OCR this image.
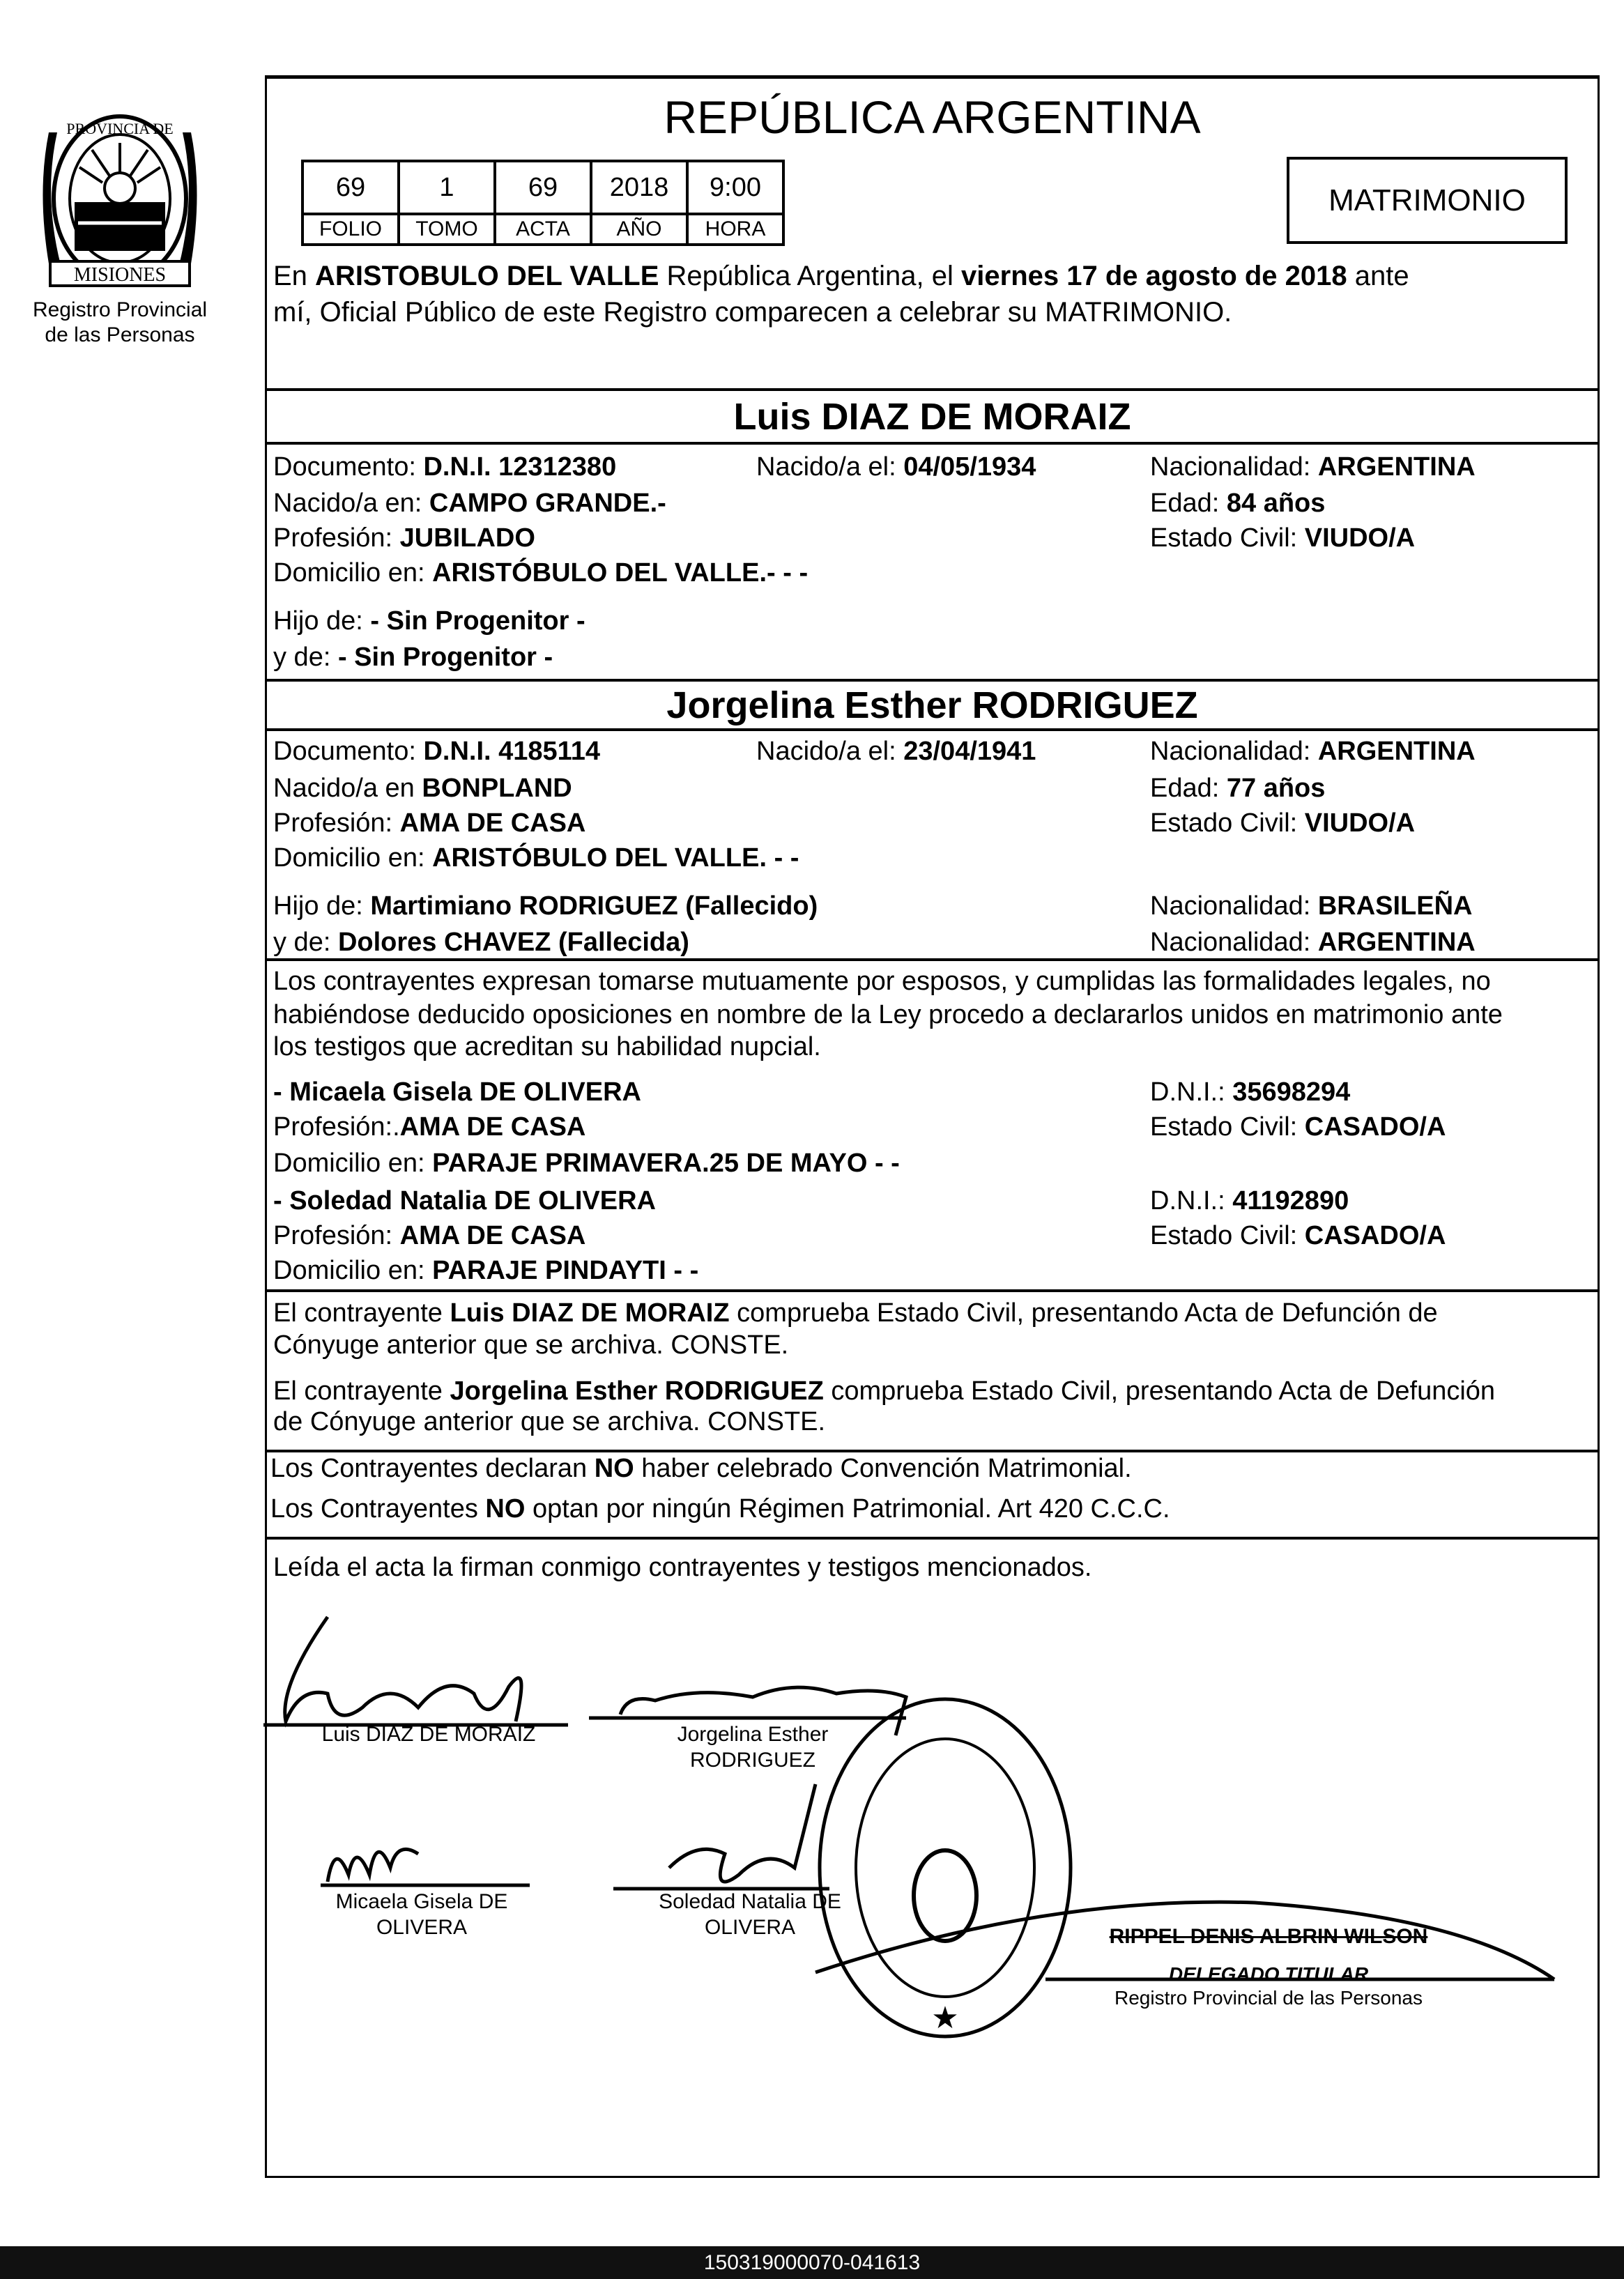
MISIONES
PROVINCIA DE
Registro Provincial
de las Personas
REPÚBLICA ARGENTINA
69	1	69	2018	9:00
FOLIO	TOMO	ACTA	AÑO	HORA
MATRIMONIO
En ARISTOBULO DEL VALLE República Argentina, el viernes 17 de agosto de 2018 ante
mí, Oficial Público de este Registro comparecen a celebrar su MATRIMONIO.
Luis DIAZ DE MORAIZ
Documento: D.N.I. 12312380	Nacido/a el: 04/05/1934	Nacionalidad: ARGENTINA
Nacido/a en: CAMPO GRANDE.-	Edad: 84 años
Profesión: JUBILADO	Estado Civil: VIUDO/A
Domicilio en: ARISTÓBULO DEL VALLE.- - -
Hijo de: - Sin Progenitor -
y de: - Sin Progenitor -
Jorgelina Esther RODRIGUEZ
Documento: D.N.I. 4185114	Nacido/a el: 23/04/1941	Nacionalidad: ARGENTINA
Nacido/a en BONPLAND	Edad: 77 años
Profesión: AMA DE CASA	Estado Civil: VIUDO/A
Domicilio en: ARISTÓBULO DEL VALLE. - -
Hijo de: Martimiano RODRIGUEZ (Fallecido)	Nacionalidad: BRASILEÑA
y de: Dolores CHAVEZ (Fallecida)	Nacionalidad: ARGENTINA
Los contrayentes expresan tomarse mutuamente por esposos, y cumplidas las formalidades legales, no
habiéndose deducido oposiciones en nombre de la Ley procedo a declararlos unidos en matrimonio ante
los testigos que acreditan su habilidad nupcial.
- Micaela Gisela DE OLIVERA	D.N.I.: 35698294
Profesión:.AMA DE CASA	Estado Civil: CASADO/A
Domicilio en: PARAJE PRIMAVERA.25 DE MAYO - -
- Soledad Natalia DE OLIVERA	D.N.I.: 41192890
Profesión: AMA DE CASA	Estado Civil: CASADO/A
Domicilio en: PARAJE PINDAYTI - -
El contrayente Luis DIAZ DE MORAIZ comprueba Estado Civil, presentando Acta de Defunción de
Cónyuge anterior que se archiva. CONSTE.
El contrayente Jorgelina Esther RODRIGUEZ comprueba Estado Civil, presentando Acta de Defunción
de Cónyuge anterior que se archiva. CONSTE.
Los Contrayentes declaran NO haber celebrado Convención Matrimonial.
Los Contrayentes NO optan por ningún Régimen Patrimonial. Art 420 C.C.C.
Leída el acta la firman conmigo contrayentes y testigos mencionados.
★
Luis DIAZ DE MORAIZ	Jorgelina Esther
RODRIGUEZ
Micaela Gisela DE
OLIVERA
Soledad Natalia DE
OLIVERA	RIPPEL DENIS ALBRIN WILSON
DELEGADO TITULAR
Registro Provincial de las Personas
150319000070-041613
